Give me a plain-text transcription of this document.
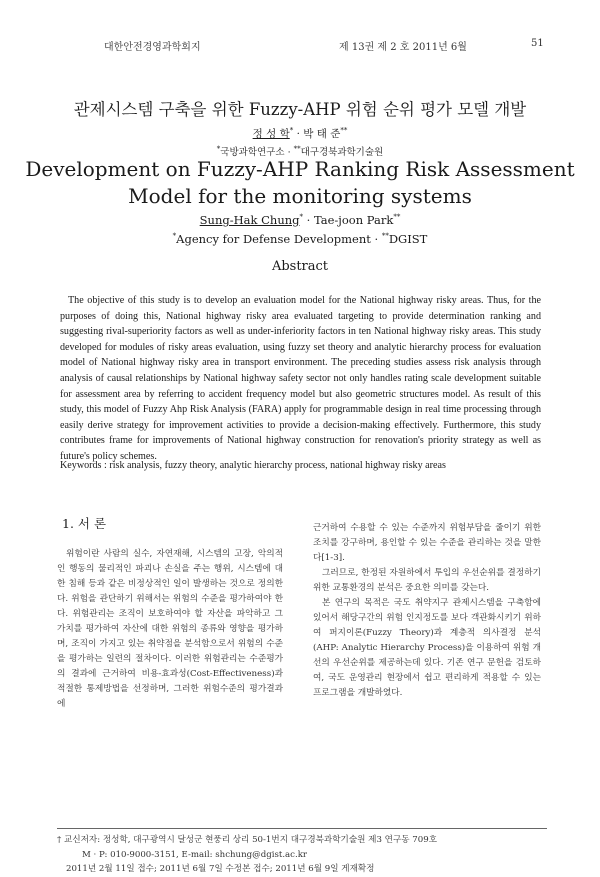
대한안전경영과학회지	제 13권 제 2 호 2011년 6월	51
관제시스템 구축을 위한 Fuzzy-AHP 위험 순위 평가 모델 개발
정 성 학* · 박 태 준**
*국방과학연구소 · **대구경북과학기술원
Development on Fuzzy-AHP Ranking Risk Assessment Model for the monitoring systems
Sung-Hak Chung* · Tae-joon Park**
*Agency for Defense Development · **DGIST
Abstract

The objective of this study is to develop an evaluation model for the National highway risky areas. Thus, for the purposes of doing this, National highway risky area evaluated targeting to provide determination ranking and suggesting rival-superiority factors as well as under-inferiority factors in ten National highway risky areas. This study developed for modules of risky areas evaluation, using fuzzy set theory and analytic hierarchy process for evaluation model of National highway risky area in transport environment. The preceding studies assess risk analysis through analysis of causal relationships by National highway safety sector not only handles rating scale development suitable for assessment area by referring to accident frequency model but also geometric structures model. As result of this study, this model of Fuzzy Ahp Risk Analysis (FARA) apply for programmable design in real time processing through easily derive strategy for improvement activities to provide a decision-making effectively. Furthermore, this study contributes frame for improvements of National highway construction for renovation's priority strategy as well as future's policy schemes.

Keywords : risk analysis, fuzzy theory, analytic hierarchy process, national highway risky areas
1. 서 론

위험이란 사람의 실수, 자연재해, 시스템의 고장, 악의적인 행동의 물리적인 파괴나 손실을 주는 행위, 시스템에 대한 침해 등과 같은 비정상적인 일이 발생하는 것으로 정의한다. 위험을 관단하기 위해서는 위험의 수준을 평가하여야 한다. 위험관리는 조직이 보호하여야 할 자산을 파악하고 그 가치를 평가하여 자산에 대한 위험의 종류와 영향을 평가하며, 조직이 가지고 있는 취약점을 분석함으로서 위험의 수준을 평가하는 일련의 절차이다. 이러한 위험관리는 수준평가의 결과에 근거하여 비용-효과성(Cost-Effectiveness)과 적절한 통제방법을 선정하며, 그러한 위험수준의 평가결과에

근거하여 수용할 수 있는 수준까지 위험부담을 줄이기 위한 조치를 강구하며, 용인할 수 있는 수준을 관리하는 것을 말한다[1-3].

그러므로, 한정된 자원하에서 투입의 우선순위를 결정하기 위한 교통환경의 분석은 중요한 의미를 갖는다.

본 연구의 목적은 국도 취약지구 관제시스템을 구축함에 있어서 해당구간의 위험 인지정도를 보다 객관화시키기 위하여 퍼지이론(Fuzzy Theory)과 계층적 의사결정 분석(AHP: Analytic Hierarchy Process)을 이용하여 위험 개선의 우선순위를 제공하는데 있다. 기존 연구 문헌을 검토하여, 국도 운영관리 현장에서 쉽고 편리하게 적용할 수 있는 프로그램을 개발하였다.

† 교신저자: 정성학, 대구광역시 달성군 현풍리 상리 50-1번지 대구경북과학기술원 제3 연구동 709호
M · P: 010-9000-3151, E-mail: shchung@dgist.ac.kr
2011년 2월 11일 접수; 2011년 6월 7일 수정본 접수; 2011년 6월 9일 게재확정
